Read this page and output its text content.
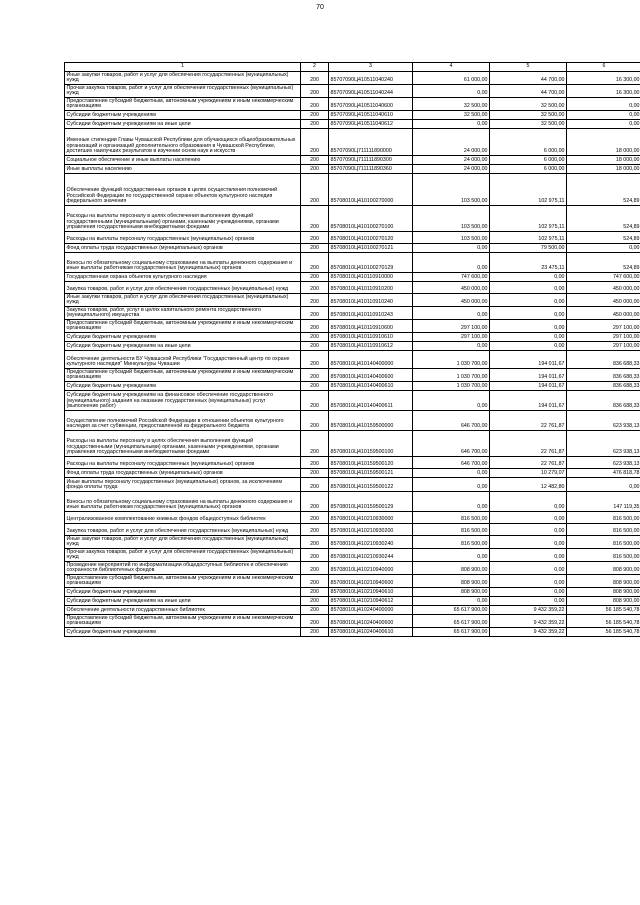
70
1	2	3	4	5	6
Иные закупки товаров, работ и услуг для обеспечения государственных (муниципальных) нужд	200	85707090Ц410511040240	61 000,00	44 700,00	16 300,00
Прочая закупка товаров, работ и услуг для обеспечения государственных (муниципальных) нужд	200	85707090Ц410511040244	0,00	44 700,00	16 300,00
Предоставление субсидий бюджетным, автономным учреждениям и иным некоммерческим организациям	200	85707090Ц410511040600	32 500,00	32 500,00	0,00
Субсидии бюджетным учреждениям	200	85707090Ц410511040610	32 500,00	32 500,00	0,00
Субсидии бюджетным учреждениям на иные цели	200	85707090Ц410511040612	0,00	32 500,00	0,00
Именные стипендии Главы Чувашской Республики для обучающихся общеобразовательных организаций и организаций дополнительного образования в Чувашской Республике, достигших наилучших результатов в изучении основ наук и искусств	200	85707090Ц711111890000	24 000,00	6 000,00	18 000,00
Социальное обеспечение и иные выплаты населению	200	85707090Ц711111890300	24 000,00	6 000,00	18 000,00
Иные выплаты населению	200	85707090Ц711111890360	24 000,00	6 000,00	18 000,00
Обеспечение функций государственных органов в целях осуществления полномочий Российской Федерации по государственной охране объектов культурного наследия федерального значения	200	85708010Ц410100270000	103 500,00	102 975,11	524,89
Расходы на выплаты персоналу в целях обеспечения выполнения функций государственными (муниципальными) органами, казенными учреждениями, органами управления государственными внебюджетными фондами	200	85708010Ц410100270100	103 500,00	102 975,11	524,89
Расходы на выплаты персоналу государственных (муниципальных) органов	200	85708010Ц410100270120	103 500,00	102 975,11	524,89
Фонд оплаты труда государственных (муниципальных) органов	200	85708010Ц410100270121	0,00	79 500,00	0,00
Взносы по обязательному социальному страхованию на выплаты денежного содержания и иные выплаты работникам государственных (муниципальных) органов	200	85708010Ц410100270129	0,00	23 475,11	524,89
Государственная охрана объектов культурного наследия	200	85708010Ц410110910000	747 600,00	0,00	747 600,00
Закупка товаров, работ и услуг для обеспечения государственных (муниципальных) нужд	200	85708010Ц410110910200	450 000,00	0,00	450 000,00
Иные закупки товаров, работ и услуг для обеспечения государственных (муниципальных) нужд	200	85708010Ц410110910240	450 000,00	0,00	450 000,00
Закупка товаров, работ, услуг в целях капитального ремонта государственного (муниципального) имущества	200	85708010Ц410110910243	0,00	0,00	450 000,00
Предоставление субсидий бюджетным, автономным учреждениям и иным некоммерческим организациям	200	85708010Ц410110910600	297 100,00	0,00	297 100,00
Субсидии бюджетным учреждениям	200	85708010Ц410110910610	297 100,00	0,00	297 100,00
Субсидии бюджетным учреждениям на иные цели	200	85708010Ц410110910612	0,00	0,00	297 100,00
Обеспечение деятельности БУ Чувашской Республики "Государственный центр по охране культурного наследия" Минкультуры Чувашии	200	85708010Ц410140400000	1 030 700,00	194 011,67	836 688,33
Предоставление субсидий бюджетным, автономным учреждениям и иным некоммерческим организациям	200	85708010Ц410140400600	1 030 700,00	194 011,67	836 688,33
Субсидии бюджетным учреждениям	200	85708010Ц410140400610	1 030 700,00	194 011,67	836 688,33
Субсидии бюджетным учреждениям на финансовое обеспечение государственного (муниципального) задания на оказание государственных (муниципальных) услуг (выполнение работ)	200	85708010Ц410140400611	0,00	194 011,67	836 688,33
Осуществление полномочий Российской Федерации в отношении объектов культурного наследия за счет субвенции, предоставленной из федерального бюджета	200	85708010Ц410159500000	646 700,00	22 761,87	623 938,13
Расходы на выплаты персоналу в целях обеспечения выполнения функций государственными (муниципальными) органами, казенными учреждениями, органами управления государственными внебюджетными фондами	200	85708010Ц410159500100	646 700,00	22 761,87	623 938,13
Расходы на выплаты персоналу государственных (муниципальных) органов	200	85708010Ц410159500120	646 700,00	22 761,87	623 938,13
Фонд оплаты труда государственных (муниципальных) органов	200	85708010Ц410159500121	0,00	10 279,07	476 818,78
Иные выплаты персоналу государственных (муниципальных) органов, за исключением фонда оплаты труда	200	85708010Ц410159500122	0,00	12 482,80	0,00
Взносы по обязательному социальному страхованию на выплаты денежного содержания и иные выплаты работникам государственных (муниципальных) органов	200	85708010Ц410159500129	0,00	0,00	147 119,35
Централизованное комплектование книжных фондов общедоступных библиотек	200	85708010Ц410210930000	816 500,00	0,00	816 500,00
Закупка товаров, работ и услуг для обеспечения государственных (муниципальных) нужд	200	85708010Ц410210930200	816 500,00	0,00	816 500,00
Иные закупки товаров, работ и услуг для обеспечения государственных (муниципальных) нужд	200	85708010Ц410210930240	816 500,00	0,00	816 500,00
Прочая закупка товаров, работ и услуг для обеспечения государственных (муниципальных) нужд	200	85708010Ц410210930244	0,00	0,00	816 500,00
Проведение мероприятий по информатизации общедоступных библиотек и обеспечению сохранности библиотечных фондов	200	85708010Ц410210940000	808 900,00	0,00	808 900,00
Предоставление субсидий бюджетным, автономным учреждениям и иным некоммерческим организациям	200	85708010Ц410210940600	808 900,00	0,00	808 900,00
Субсидии бюджетным учреждениям	200	85708010Ц410210940610	808 900,00	0,00	808 900,00
Субсидии бюджетным учреждениям на иные цели	200	85708010Ц410210940612	0,00	0,00	808 900,00
Обеспечение деятельности государственных библиотек	200	85708010Ц410240400000	65 617 900,00	9 432 359,22	56 185 540,78
Предоставление субсидий бюджетным, автономным учреждениям и иным некоммерческим организациям	200	85708010Ц410240400600	65 617 900,00	9 432 359,22	56 185 540,78
Субсидии бюджетным учреждениям	200	85708010Ц410240400610	65 617 900,00	9 432 359,22	56 185 540,78
